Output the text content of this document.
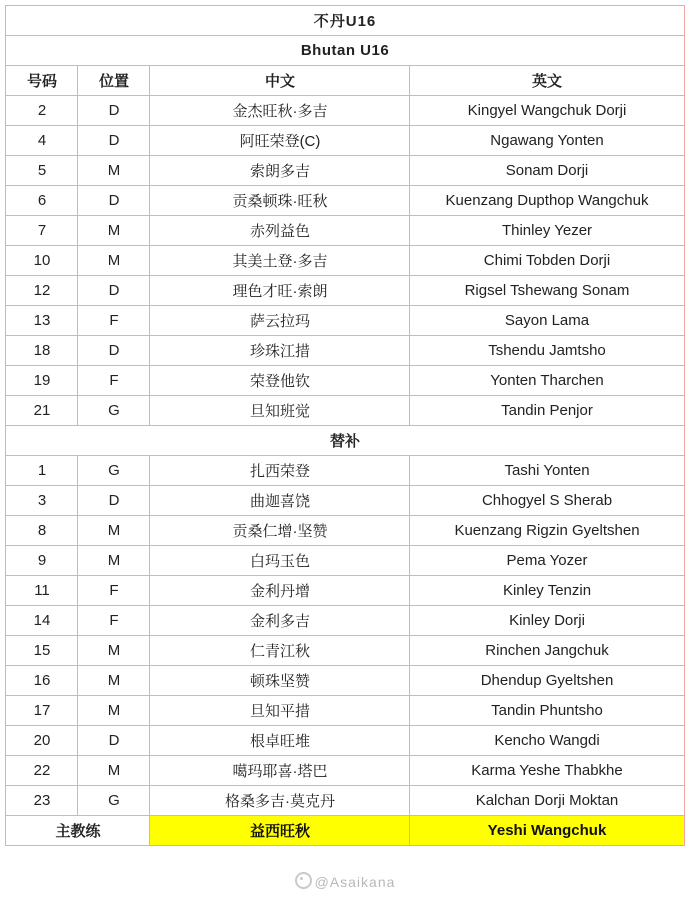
不丹U16			
Bhutan U16			
号码	位置	中文	英文
2	D	金杰旺秋·多吉	Kingyel Wangchuk Dorji
4	D	阿旺荣登(C)	Ngawang Yonten
5	M	索朗多吉	Sonam Dorji
6	D	贡桑顿珠·旺秋	Kuenzang Dupthop Wangchuk
7	M	赤列益色	Thinley Yezer
10	M	其美土登·多吉	Chimi Tobden Dorji
12	D	理色才旺·索朗	Rigsel Tshewang Sonam
13	F	萨云拉玛	Sayon Lama
18	D	珍珠江措	Tshendu Jamtsho
19	F	荣登他钦	Yonten Tharchen
21	G	旦知班觉	Tandin Penjor
替补			
1	G	扎西荣登	Tashi Yonten
3	D	曲迦喜饶	Chhogyel S Sherab
8	M	贡桑仁增·坚赞	Kuenzang Rigzin Gyeltshen
9	M	白玛玉色	Pema Yozer
11	F	金利丹增	Kinley Tenzin
14	F	金利多吉	Kinley Dorji
15	M	仁青江秋	Rinchen Jangchuk
16	M	顿珠坚赞	Dhendup Gyeltshen
17	M	旦知平措	Tandin Phuntsho
20	D	根卓旺堆	Kencho Wangdi
22	M	噶玛耶喜·塔巴	Karma Yeshe Thabkhe
23	G	格桑多吉·莫克丹	Kalchan Dorji Moktan
主教练		益西旺秋	Yeshi Wangchuk
@Asaikana
